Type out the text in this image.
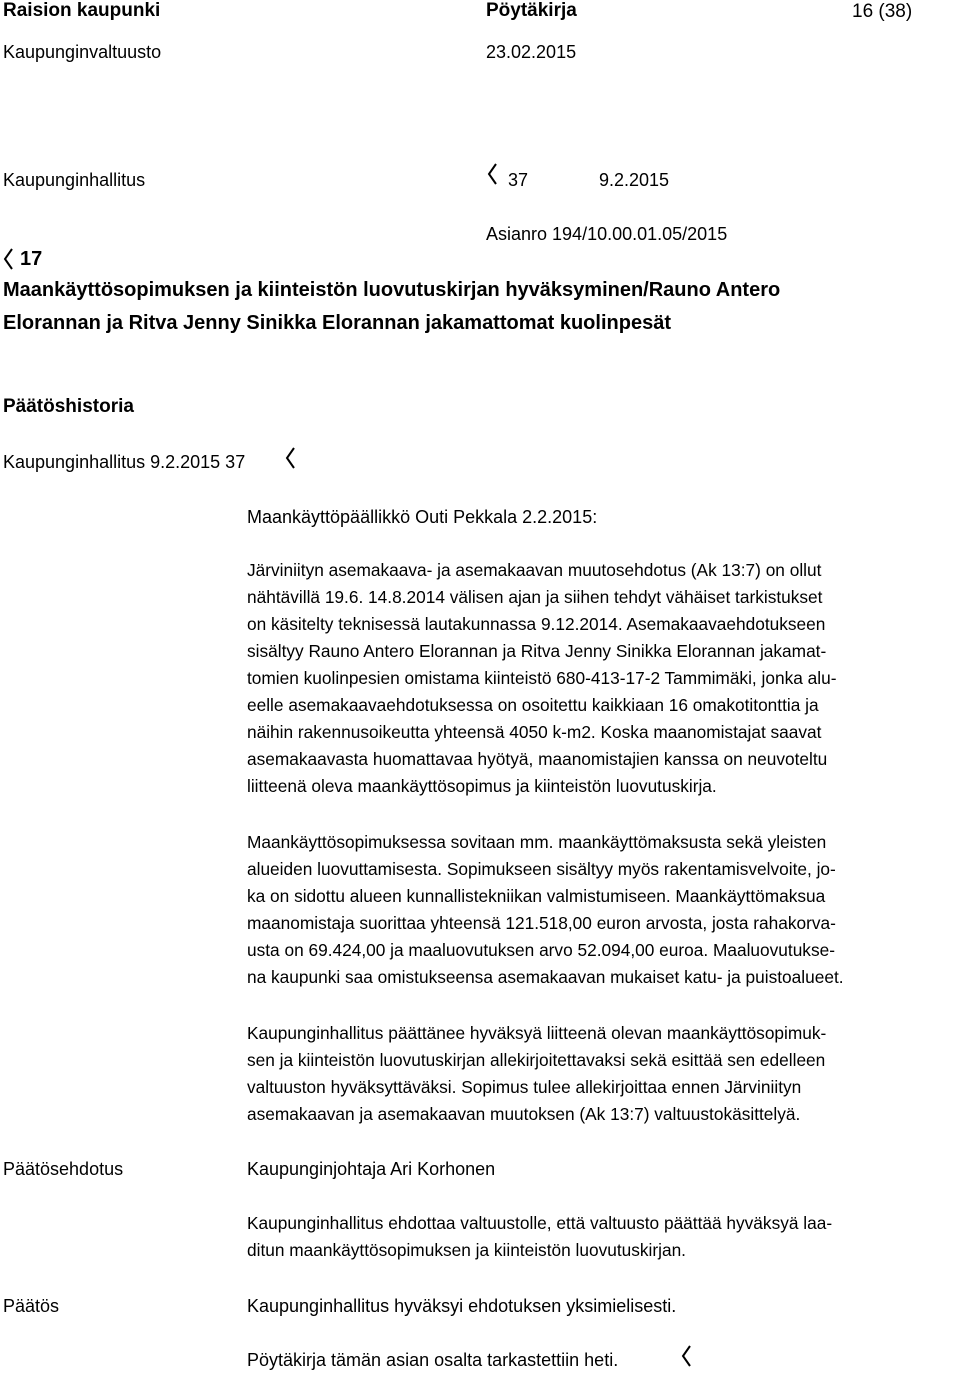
Raision kaupunki	Pöytäkirja	16 (38)
Kaupunginvaltuusto	23.02.2015
Kaupunginhallitus	37	9.2.2015
Asianro 194/10.00.01.05/2015
17
Maankäyttösopimuksen ja kiinteistön luovutuskirjan hyväksyminen/Rauno Antero
Elorannan ja Ritva Jenny Sinikka Elorannan jakamattomat kuolinpesät
Päätöshistoria
Kaupunginhallitus 9.2.2015 37
Maankäyttöpäällikkö Outi Pekkala 2.2.2015:
Järviniityn asemakaava- ja asemakaavan muutosehdotus (Ak 13:7) on ollut
nähtävillä 19.6. 14.8.2014 välisen ajan ja siihen tehdyt vähäiset tarkistukset
on käsitelty teknisessä lautakunnassa 9.12.2014. Asemakaavaehdotukseen
sisältyy Rauno Antero Elorannan ja Ritva Jenny Sinikka Elorannan jakamat-
tomien kuolinpesien omistama kiinteistö 680-413-17-2 Tammimäki, jonka alu-
eelle asemakaavaehdotuksessa on osoitettu kaikkiaan 16 omakotitonttia ja
näihin rakennusoikeutta yhteensä 4050 k-m2. Koska maanomistajat saavat
asemakaavasta huomattavaa hyötyä, maanomistajien kanssa on neuvoteltu
liitteenä oleva maankäyttösopimus ja kiinteistön luovutuskirja.
Maankäyttösopimuksessa sovitaan mm. maankäyttömaksusta sekä yleisten
alueiden luovuttamisesta. Sopimukseen sisältyy myös rakentamisvelvoite, jo-
ka on sidottu alueen kunnallistekniikan valmistumiseen. Maankäyttömaksua
maanomistaja suorittaa yhteensä 121.518,00 euron arvosta, josta rahakorva-
usta on 69.424,00 ja maaluovutuksen arvo 52.094,00 euroa. Maaluovutukse-
na kaupunki saa omistukseensa asemakaavan mukaiset katu- ja puistoalueet.
Kaupunginhallitus päättänee hyväksyä liitteenä olevan maankäyttösopimuk-
sen ja kiinteistön luovutuskirjan allekirjoitettavaksi sekä esittää sen edelleen
valtuuston hyväksyttäväksi. Sopimus tulee allekirjoittaa ennen Järviniityn
asemakaavan ja asemakaavan muutoksen (Ak 13:7) valtuustokäsittelyä.
Päätösehdotus	Kaupunginjohtaja Ari Korhonen
Kaupunginhallitus ehdottaa valtuustolle, että valtuusto päättää hyväksyä laa-
ditun maankäyttösopimuksen ja kiinteistön luovutuskirjan.
Päätös	Kaupunginhallitus hyväksyi ehdotuksen yksimielisesti.
Pöytäkirja tämän asian osalta tarkastettiin heti.
